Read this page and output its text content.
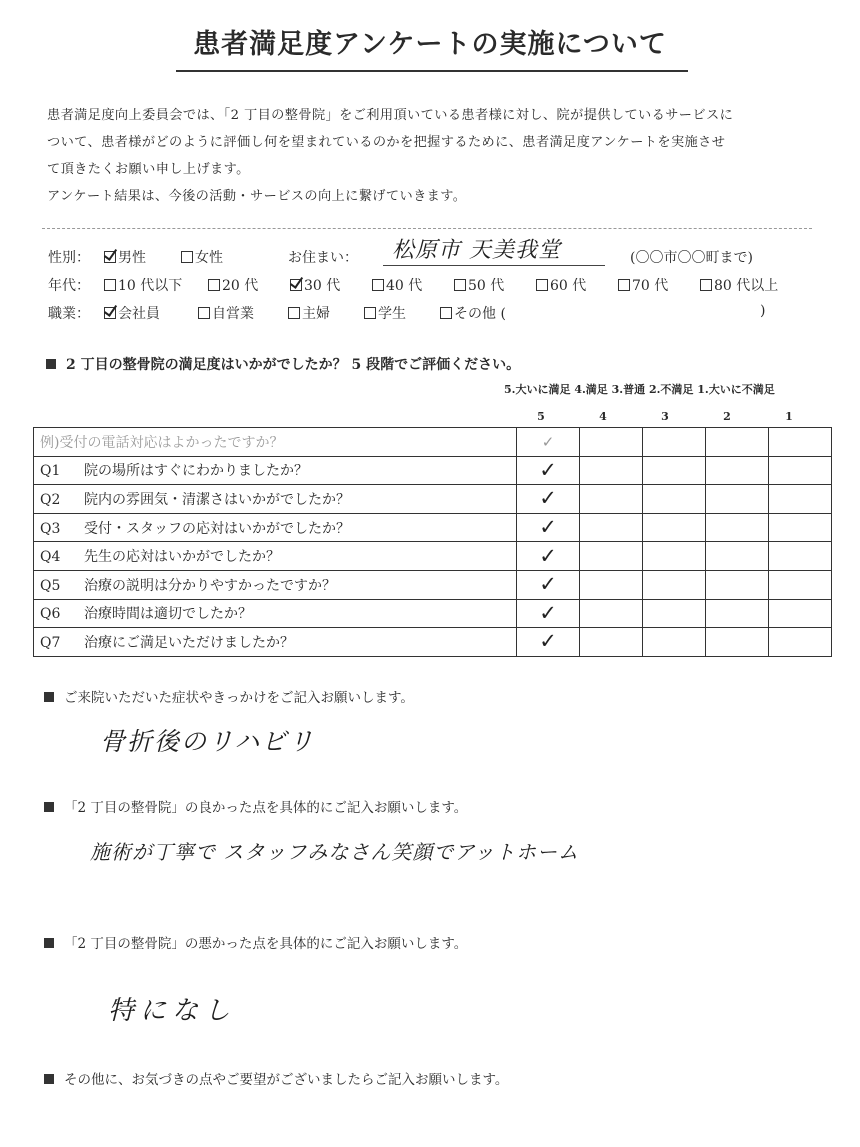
患者満足度アンケートの実施について

患者満足度向上委員会では、「2 丁目の整骨院」をご利用頂いている患者様に対し、院が提供しているサービスに

ついて、患者様がどのように評価し何を望まれているのかを把握するために、患者満足度アンケートを実施させ

て頂きたくお願い申し上げます。

アンケート結果は、今後の活動・サービスの向上に繋げていきます。

性別：	男性	女性	お住まい： 松原市 天美我堂	(〇〇市〇〇町まで)
年代：	10 代以下	20 代	30 代	40 代	50 代	60 代	70 代	80 代以上
職業：	会社員	自営業	主婦	学生	その他 (	)
2 丁目の整骨院の満足度はいかがでしたか？ 5 段階でご評価ください。
5.大いに満足 4.満足 3.普通 2.不満足 1.大いに不満足
5	4	3	2	1
例)受付の電話対応はよかったですか？	✓				
Q1 院の場所はすぐにわかりましたか？	✓				
Q2 院内の雰囲気・清潔さはいかがでしたか？	✓				
Q3 受付・スタッフの応対はいかがでしたか？	✓				
Q4 先生の応対はいかがでしたか？	✓				
Q5 治療の説明は分かりやすかったですか？	✓				
Q6 治療時間は適切でしたか？	✓				
Q7 治療にご満足いただけましたか？	✓				
ご来院いただいた症状やきっかけをご記入お願いします。
骨折後のリハビリ
「2 丁目の整骨院」の良かった点を具体的にご記入お願いします。
施術が丁寧で スタッフみなさん笑顔でアットホーム
「2 丁目の整骨院」の悪かった点を具体的にご記入お願いします。
特になし
その他に、お気づきの点やご要望がございましたらご記入お願いします。
